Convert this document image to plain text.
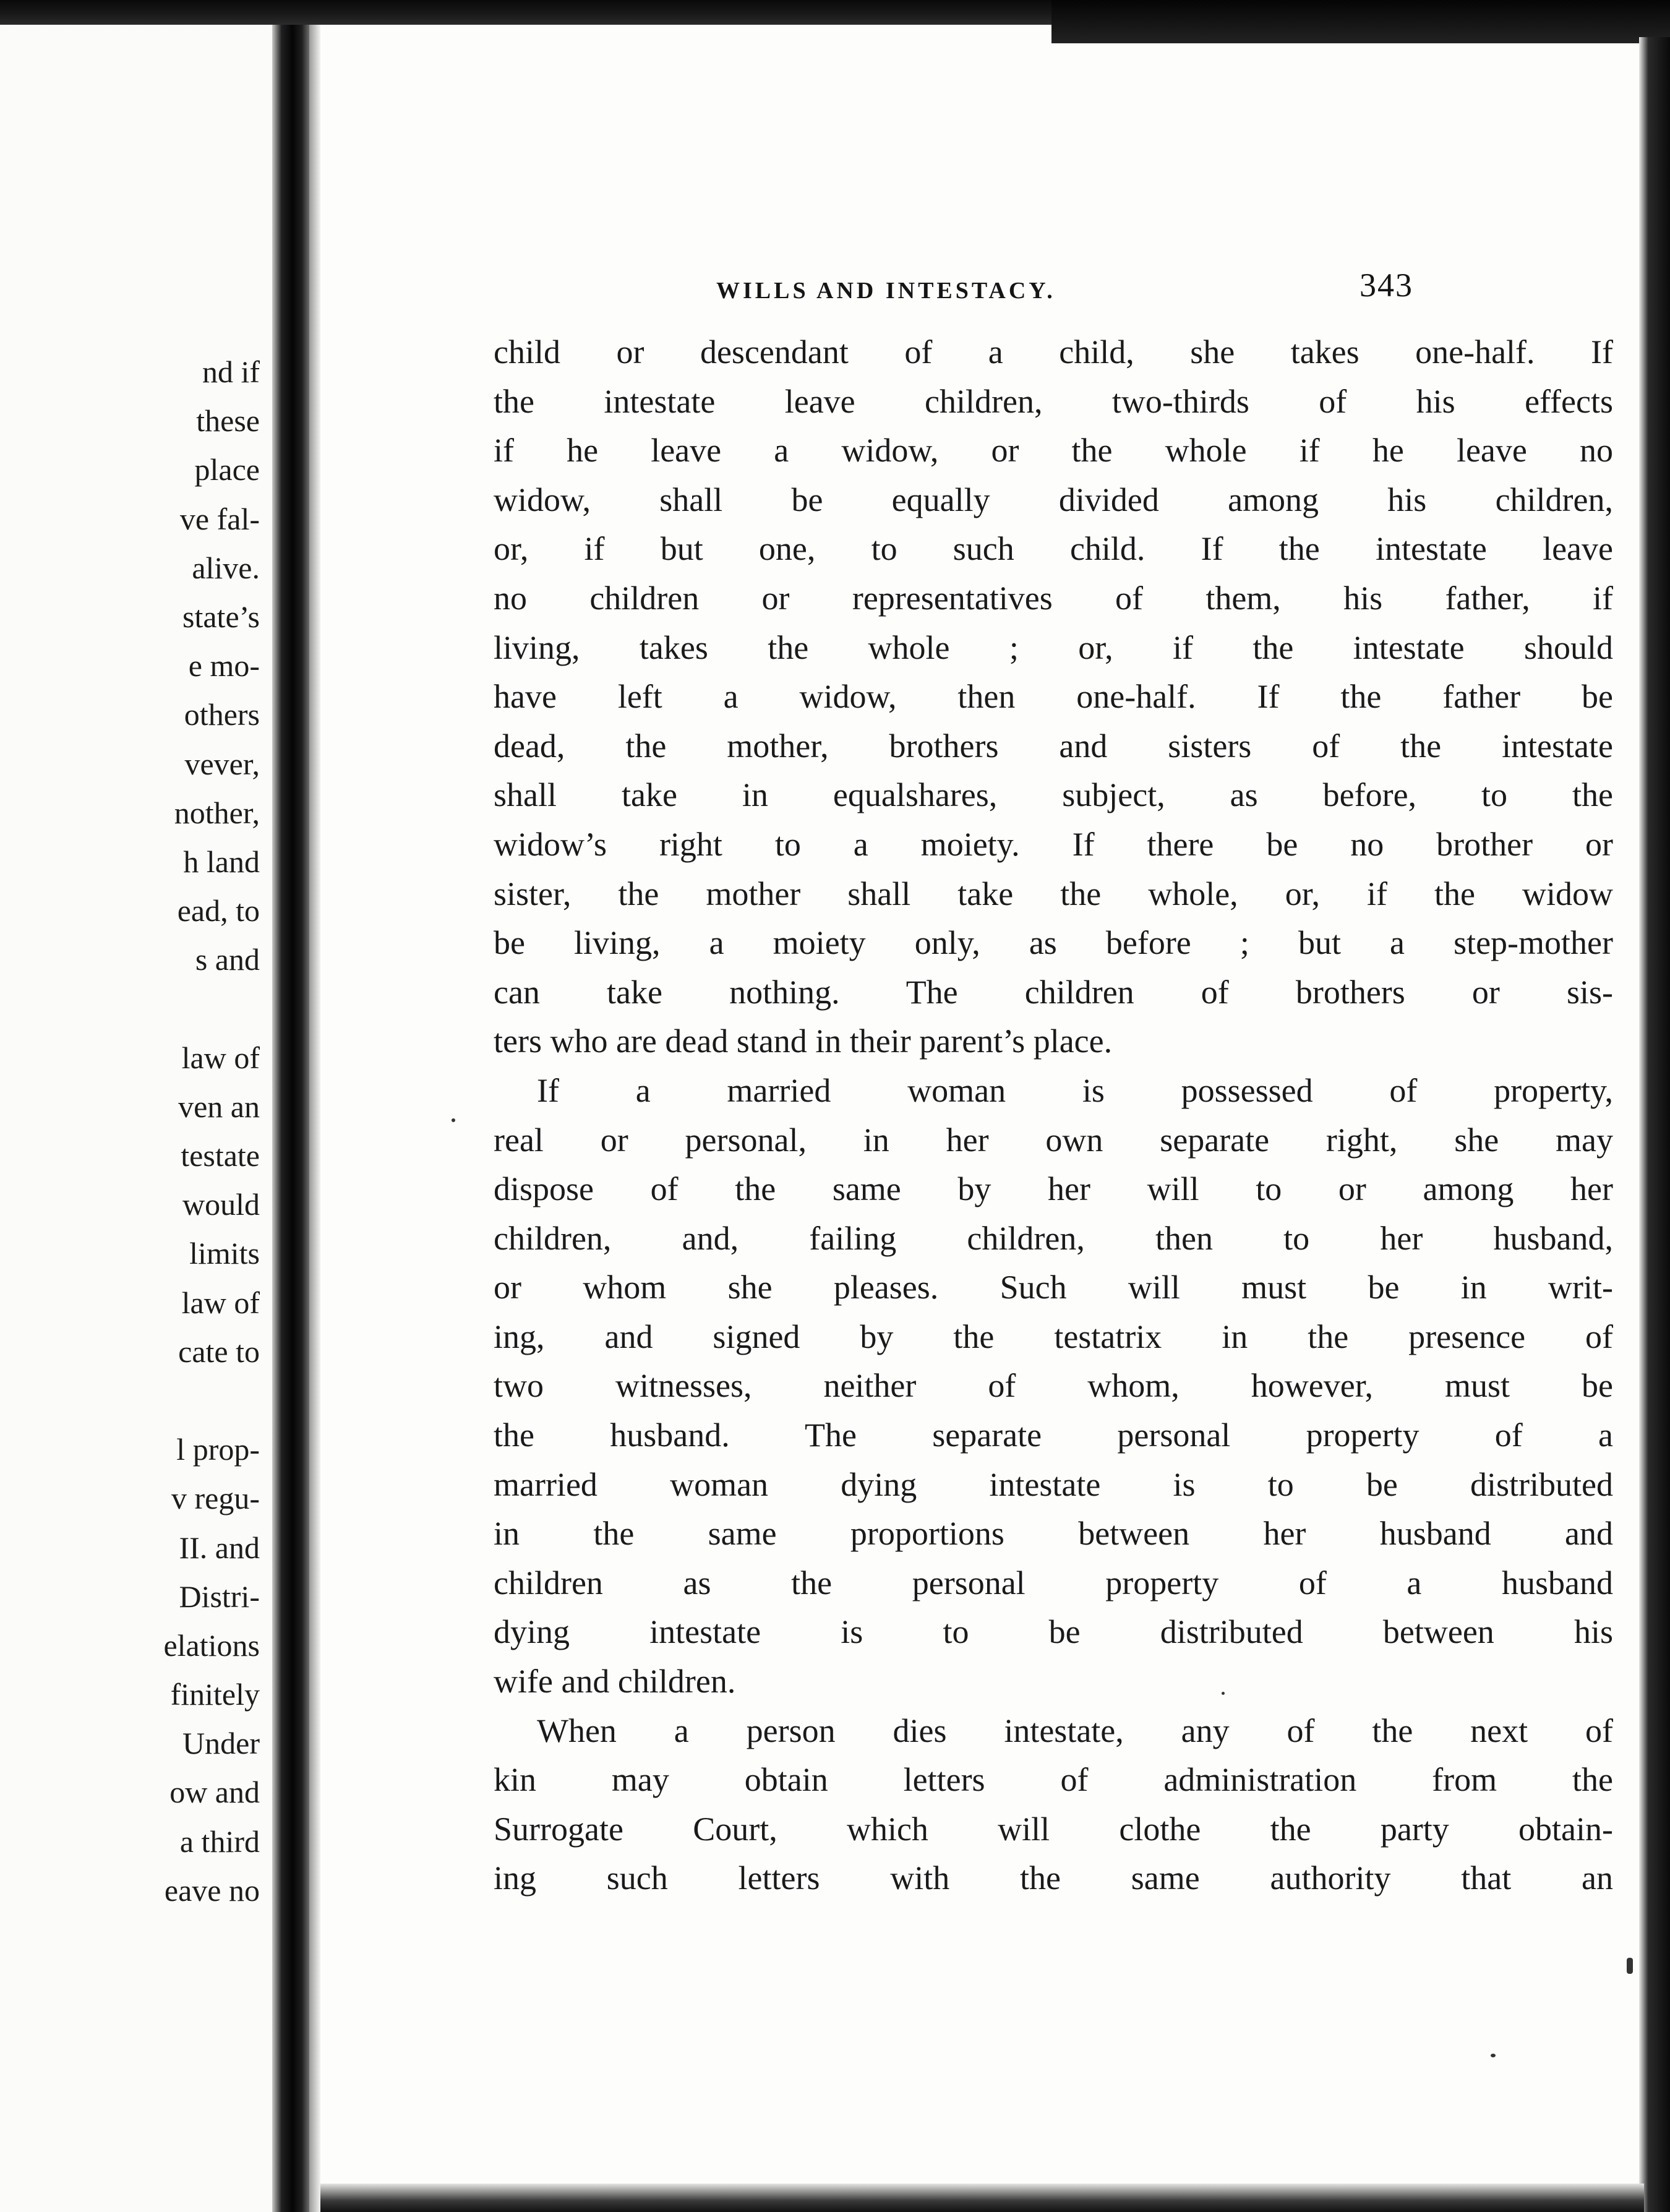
nd if
these
place
ve fal-
alive.
state’s
e mo-
others
vever,
nother,
h land
ead, to
s and
law of
ven an
testate
would
limits
law of
cate to
l prop-
v regu-
II. and
Distri-
elations
finitely
Under
ow and
a third
eave no
WILLS AND INTESTACY.	343
child or descendant of a child, she takes one-half. If
the intestate leave children, two-thirds of his effects
if he leave a widow, or the whole if he leave no
widow, shall be equally divided among his children,
or, if but one, to such child. If the intestate leave
no children or representatives of them, his father, if
living, takes the whole ; or, if the intestate should
have left a widow, then one-half. If the father be
dead, the mother, brothers and sisters of the intestate
shall take in equalshares, subject, as before, to the
widow’s right to a moiety. If there be no brother or
sister, the mother shall take the whole, or, if the widow
be living, a moiety only, as before ; but a step-mother
can take nothing. The children of brothers or sis-
ters who are dead stand in their parent’s place.
If a married woman is possessed of property,
real or personal, in her own separate right, she may
dispose of the same by her will to or among her
children, and, failing children, then to her husband,
or whom she pleases. Such will must be in writ-
ing, and signed by the testatrix in the presence of
two witnesses, neither of whom, however, must be
the husband. The separate personal property of a
married woman dying intestate is to be distributed
in the same proportions between her husband and
children as the personal property of a husband
dying intestate is to be distributed between his
wife and children.
When a person dies intestate, any of the next of
kin may obtain letters of administration from the
Surrogate Court, which will clothe the party obtain-
ing such letters with the same authority that an
